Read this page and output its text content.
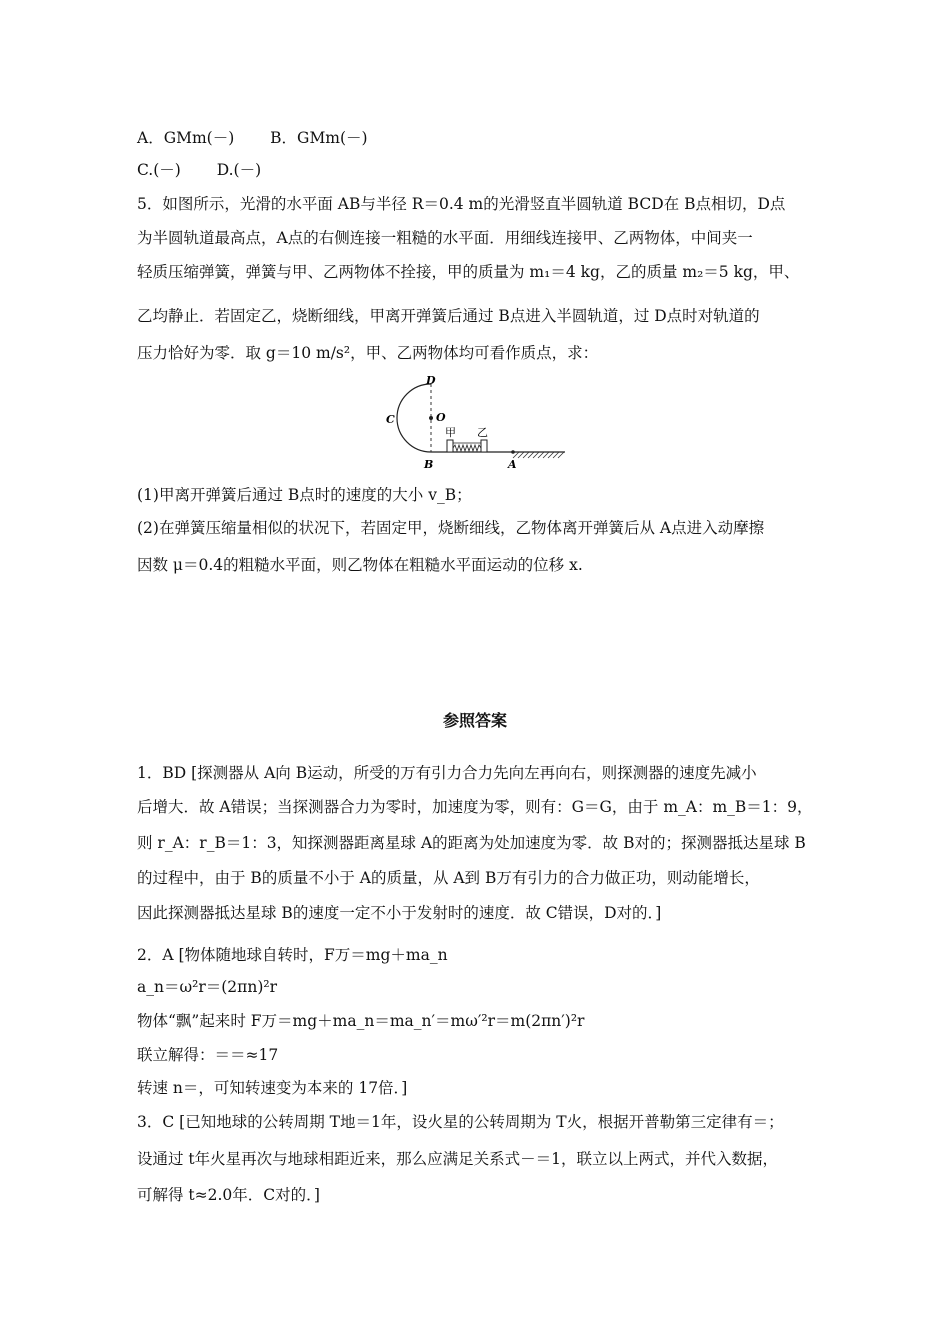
A．GMm(－)　　 B．GMm(－)
C.(－)　　 D.(－)
5．如图所示，光滑的水平面 AB与半径 R＝0.4 m的光滑竖直半圆轨道 BCD在 B点相切，D点
为半圆轨道最高点，A点的右侧连接一粗糙的水平面．用细线连接甲、乙两物体，中间夹一
轻质压缩弹簧，弹簧与甲、乙两物体不拴接，甲的质量为 m₁＝4 kg，乙的质量 m₂＝5 kg，甲、
乙均静止．若固定乙，烧断细线，甲离开弹簧后通过 B点进入半圆轨道，过 D点时对轨道的
压力恰好为零．取 g＝10 m/s²，甲、乙两物体均可看作质点，求：
D
C	O
B	A
甲 乙
(1)甲离开弹簧后通过 B点时的速度的大小 v_B；
(2)在弹簧压缩量相似的状况下，若固定甲，烧断细线，乙物体离开弹簧后从 A点进入动摩擦
因数 μ＝0.4的粗糙水平面，则乙物体在粗糙水平面运动的位移 x.
参照答案
1．BD [探测器从 A向 B运动，所受的万有引力合力先向左再向右，则探测器的速度先减小
后增大．故 A错误；当探测器合力为零时，加速度为零，则有：G＝G，由于 m_A：m_B＝1：9，
则 r_A：r_B＝1：3，知探测器距离星球 A的距离为处加速度为零．故 B对的；探测器抵达星球 B
的过程中，由于 B的质量不小于 A的质量，从 A到 B万有引力的合力做正功，则动能增长，
因此探测器抵达星球 B的速度一定不小于发射时的速度．故 C错误，D对的．]
2．A [物体随地球自转时，F万＝mg＋ma_n
a_n＝ω²r＝(2πn)²r
物体“飘”起来时 F万＝mg＋ma_n＝ma_n′＝mω′²r＝m(2πn′)²r
联立解得：＝＝≈17
转速 n＝，可知转速变为本来的 17倍．]
3．C [已知地球的公转周期 T地＝1年，设火星的公转周期为 T火，根据开普勒第三定律有＝；
设通过 t年火星再次与地球相距近来，那么应满足关系式－＝1，联立以上两式，并代入数据，
可解得 t≈2.0年．C对的．]
